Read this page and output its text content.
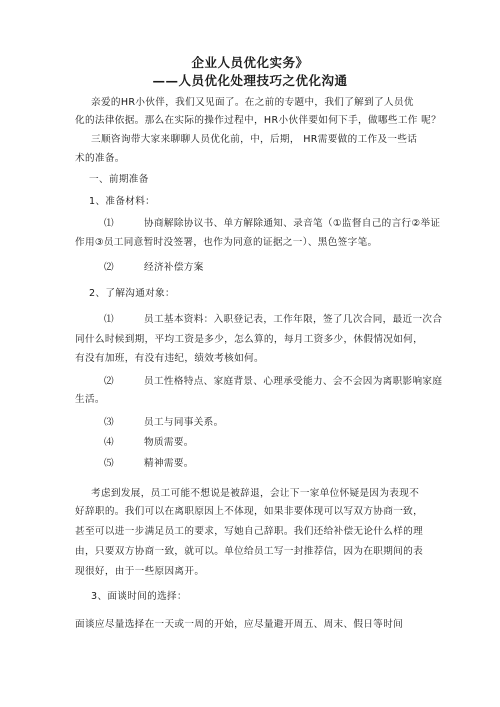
企业人员优化实务》
——人员优化处理技巧之优化沟通
亲爱的HR小伙伴，我们又见面了。在之前的专题中，我们了解到了人员优
化的法律依据。那么在实际的操作过程中，HR小伙伴要如何下手，做哪些工作 呢？
三顺咨询带大家来聊聊人员优化前，中，后期， HR需要做的工作及一些话
术的准备。
一、前期准备
1、准备材料：
⑴	协商解除协议书、单方解除通知、录音笔（①监督自己的言行②举证
作用③员工同意暂时没签署，也作为同意的证据之一）、黑色签字笔。
⑵	经济补偿方案
2、了解沟通对象：
⑴	员工基本资料：入职登记表，工作年限，签了几次合同，最近一次合
同什么时候到期，平均工资是多少，怎么算的，每月工资多少，休假情况如何，
有没有加班，有没有违纪，绩效考核如何。
⑵	员工性格特点、家庭背景、心理承受能力、会不会因为离职影响家庭
生活。
⑶	员工与同事关系。
⑷	物质需要。
⑸	精神需要。
考虑到发展，员工可能不想说是被辞退，会让下一家单位怀疑是因为表现不
好辞职的。我们可以在离职原因上不体现，如果非要体现可以写双方协商一致，
甚至可以进一步满足员工的要求，写她自己辞职。我们还给补偿无论什么样的理
由，只要双方协商一致，就可以。单位给员工写一封推荐信，因为在职期间的表
现很好，由于一些原因离开。
3、面谈时间的选择：
面谈应尽量选择在一天或一周的开始，应尽量避开周五、周末、假日等时间
